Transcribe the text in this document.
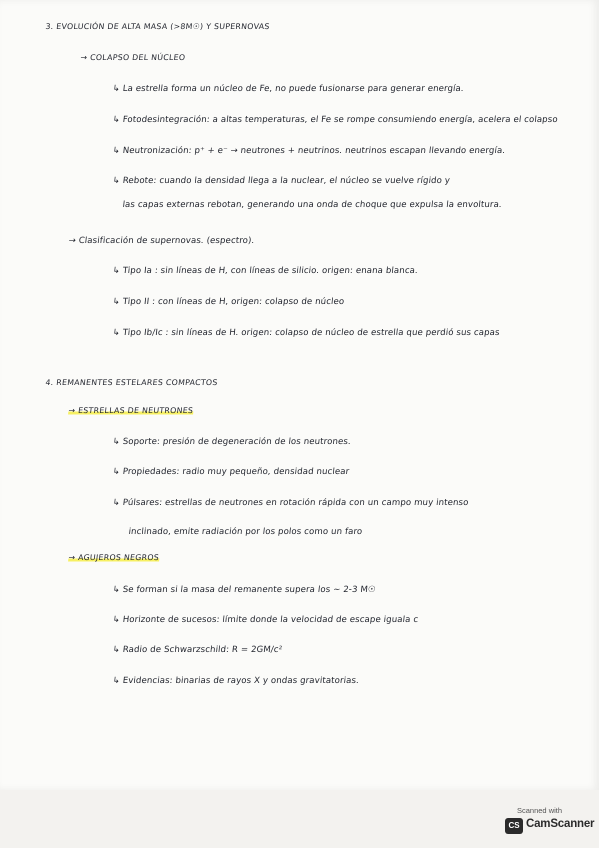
3. EVOLUCIÓN DE ALTA MASA (>8M☉) Y SUPERNOVAS
→ COLAPSO DEL NÚCLEO
↳ La estrella forma un núcleo de Fe, no puede fusionarse para generar energía.
↳ Fotodesintegración: a altas temperaturas, el Fe se rompe consumiendo energía, acelera el colapso
↳ Neutronización: p⁺ + e⁻ → neutrones + neutrinos. neutrinos escapan llevando energía.
↳ Rebote: cuando la densidad llega a la nuclear, el núcleo se vuelve rígido y
las capas externas rebotan, generando una onda de choque que expulsa la envoltura.
→ Clasificación de supernovas. (espectro).
↳ Tipo Ia : sin líneas de H, con líneas de silicio. origen: enana blanca.
↳ Tipo II : con líneas de H, origen: colapso de núcleo
↳ Tipo Ib/Ic : sin líneas de H. origen: colapso de núcleo de estrella que perdió sus capas
4. REMANENTES ESTELARES COMPACTOS
→ ESTRELLAS DE NEUTRONES
↳ Soporte: presión de degeneración de los neutrones.
↳ Propiedades: radio muy pequeño, densidad nuclear
↳ Púlsares: estrellas de neutrones en rotación rápida con un campo muy intenso
inclinado, emite radiación por los polos como un faro
→ AGUJEROS NEGROS
↳ Se forman si la masa del remanente supera los ~ 2-3 M☉
↳ Horizonte de sucesos: límite donde la velocidad de escape iguala c
↳ Radio de Schwarzschild: R = 2GM/c²
↳ Evidencias: binarias de rayos X y ondas gravitatorias.
Scanned with
CS CamScanner
